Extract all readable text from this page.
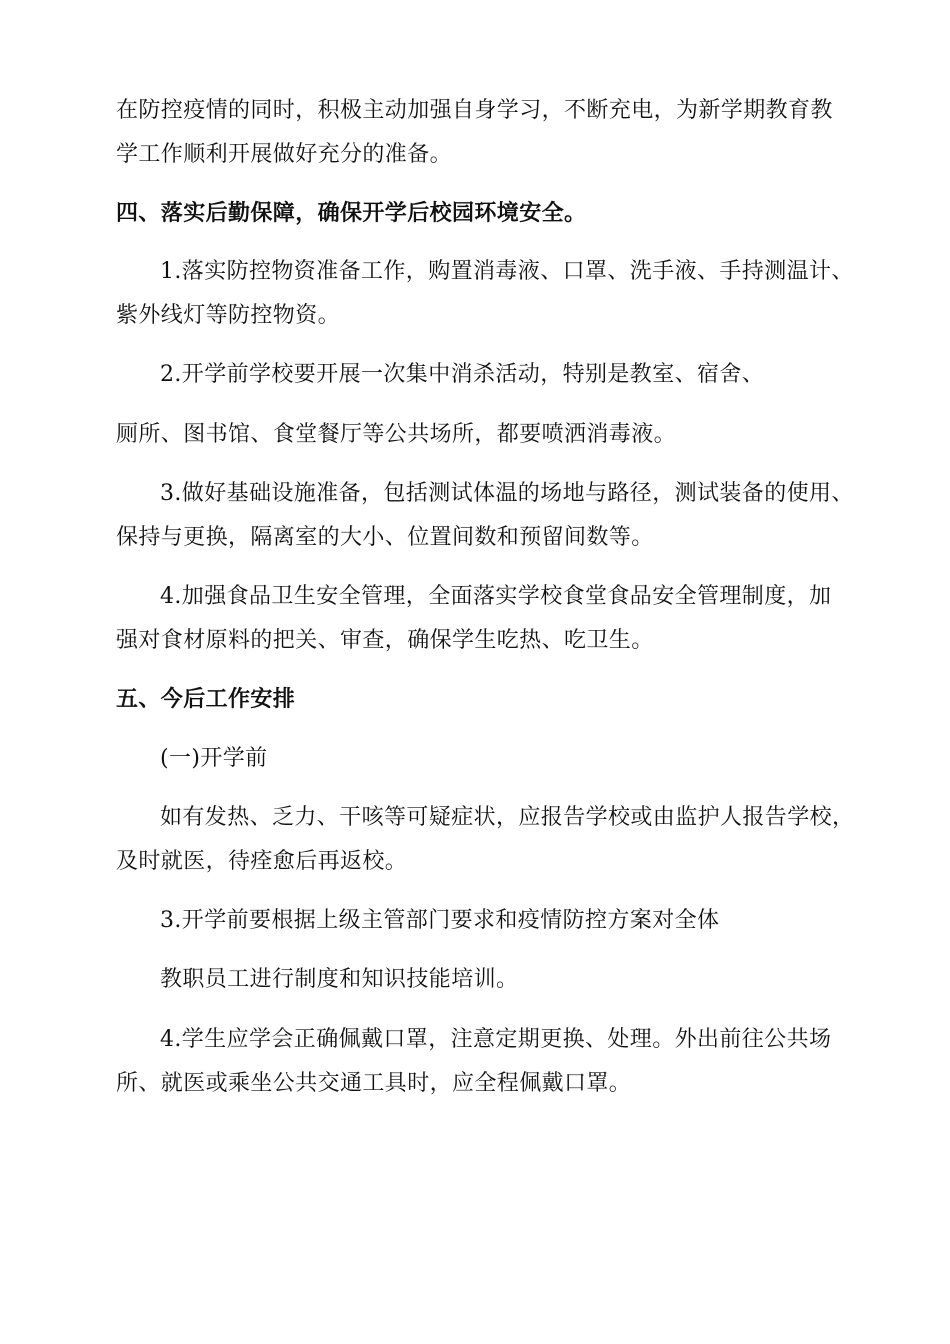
在防控疫情的同时，积极主动加强自身学习，不断充电，为新学期教育教
学工作顺利开展做好充分的准备。
四、落实后勤保障，确保开学后校园环境安全。
1.落实防控物资准备工作，购置消毒液、口罩、洗手液、手持测温计、
紫外线灯等防控物资。
2.开学前学校要开展一次集中消杀活动，特别是教室、宿舍、
厕所、图书馆、食堂餐厅等公共场所，都要喷洒消毒液。
3.做好基础设施准备，包括测试体温的场地与路径，测试装备的使用、
保持与更换，隔离室的大小、位置间数和预留间数等。
4.加强食品卫生安全管理，全面落实学校食堂食品安全管理制度，加
强对食材原料的把关、审查，确保学生吃热、吃卫生。
五、今后工作安排
(一)开学前
如有发热、乏力、干咳等可疑症状，应报告学校或由监护人报告学校，
及时就医，待痊愈后再返校。
3.开学前要根据上级主管部门要求和疫情防控方案对全体
教职员工进行制度和知识技能培训。
4.学生应学会正确佩戴口罩，注意定期更换、处理。外出前往公共场
所、就医或乘坐公共交通工具时，应全程佩戴口罩。
